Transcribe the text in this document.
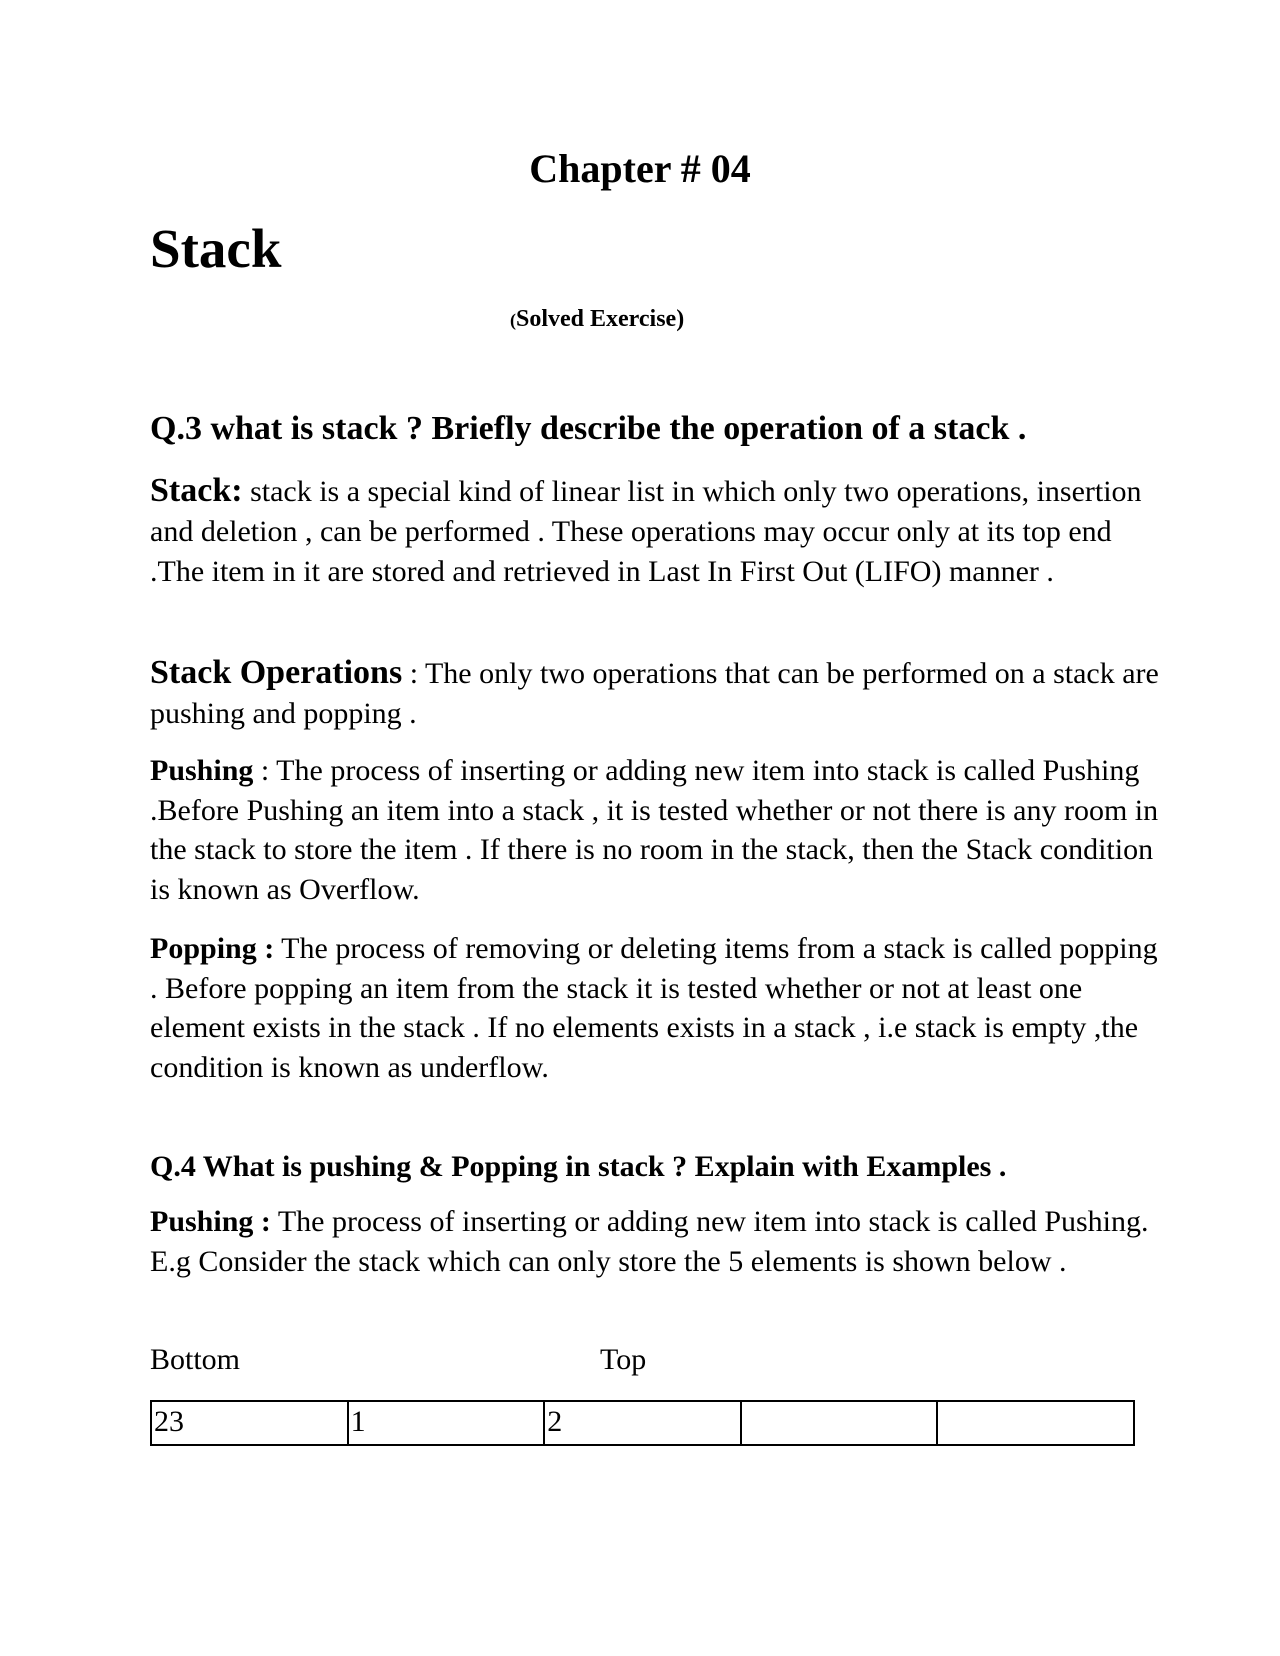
Chapter # 04
Stack
(Solved Exercise)
Q.3 what is stack ? Briefly describe the operation of a stack .
Stack: stack is a special kind of linear list in which only two operations, insertion and deletion , can be performed . These operations may occur only at its top end .The item in it are stored and retrieved in Last In First Out (LIFO) manner .
Stack Operations : The only two operations that can be performed on a stack are pushing and popping .
Pushing : The process of inserting or adding new item into stack is called Pushing .Before Pushing an item into a stack , it is tested whether or not there is any room in the stack to store the item . If there is no room in the stack, then the Stack condition is known as Overflow.
Popping : The process of removing or deleting items from a stack is called popping . Before popping an item from the stack it is tested whether or not at least one element exists in the stack . If no elements exists in a stack , i.e stack is empty ,the condition is known as underflow.
Q.4 What is pushing & Popping in stack ? Explain with Examples .
Pushing : The process of inserting or adding new item into stack is called Pushing. E.g Consider the stack which can only store the 5 elements is shown below .
Bottom	Top
23	1	2		
